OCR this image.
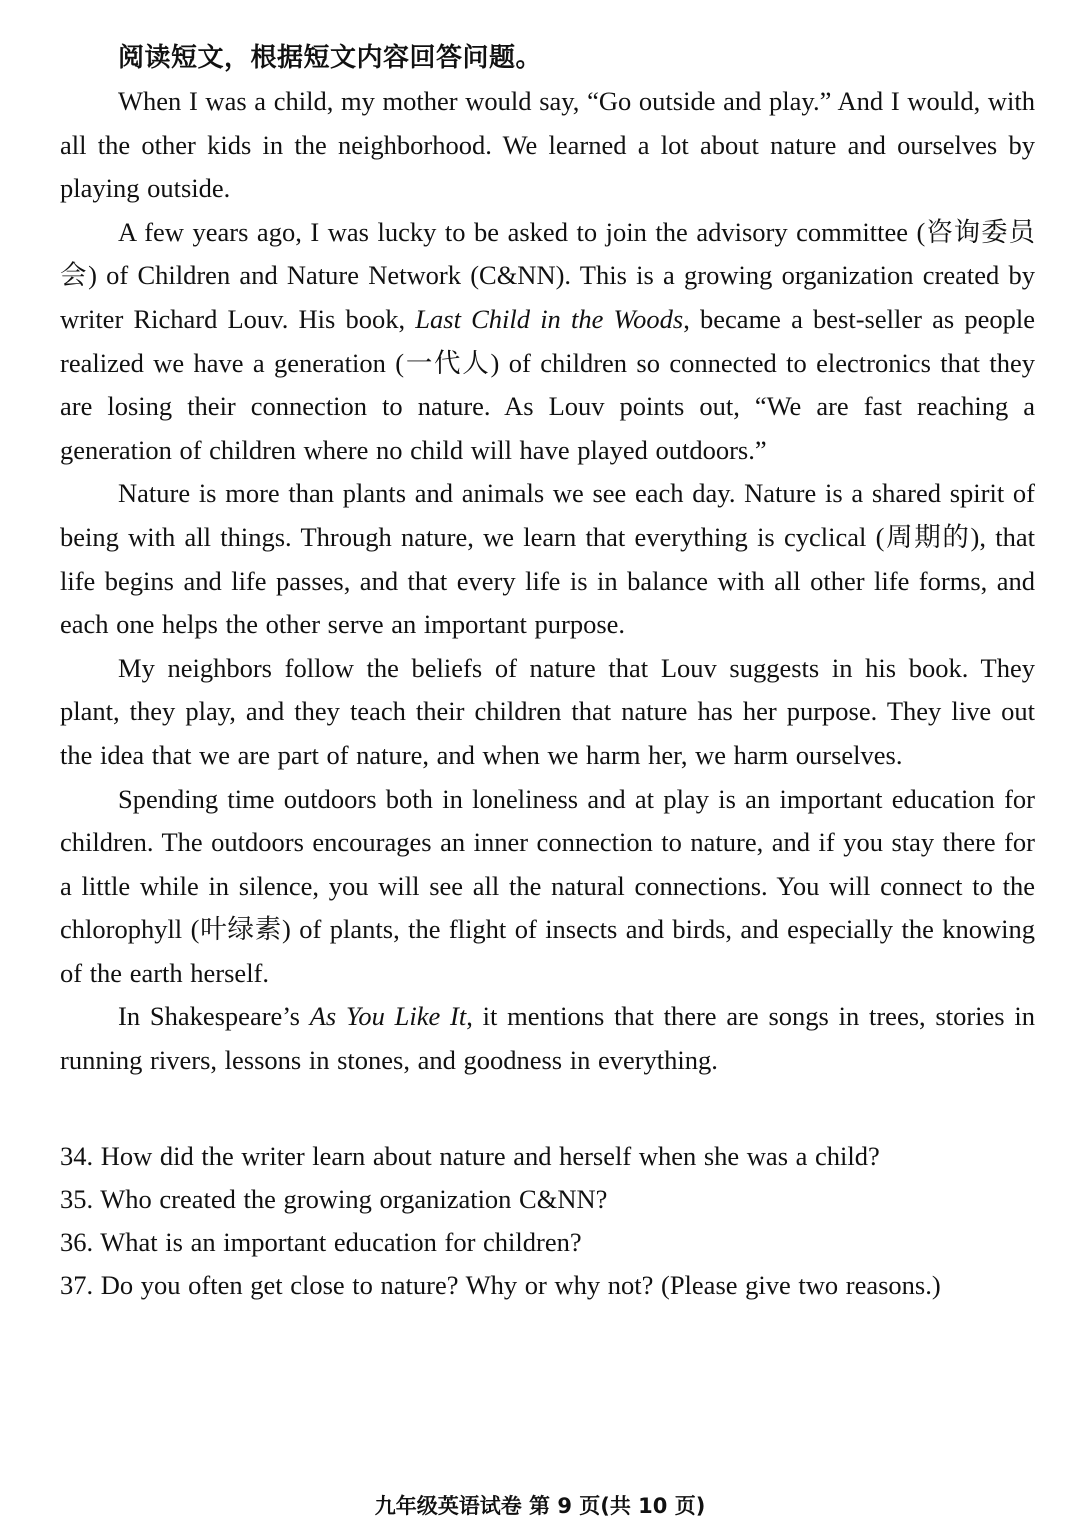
阅读短文，根据短文内容回答问题。

When I was a child, my mother would say, “Go outside and play.” And I would, with all the other kids in the neighborhood. We learned a lot about nature and ourselves by playing outside.

A few years ago, I was lucky to be asked to join the advisory committee (咨询委员会) of Children and Nature Network (C&NN). This is a growing organization created by writer Richard Louv. His book, Last Child in the Woods, became a best-seller as people realized we have a generation (一代人) of children so connected to electronics that they are losing their connection to nature. As Louv points out, “We are fast reaching a generation of children where no child will have played outdoors.”

Nature is more than plants and animals we see each day. Nature is a shared spirit of being with all things. Through nature, we learn that everything is cyclical (周期的), that life begins and life passes, and that every life is in balance with all other life forms, and each one helps the other serve an important purpose.

My neighbors follow the beliefs of nature that Louv suggests in his book. They plant, they play, and they teach their children that nature has her purpose. They live out the idea that we are part of nature, and when we harm her, we harm ourselves.

Spending time outdoors both in loneliness and at play is an important education for children. The outdoors encourages an inner connection to nature, and if you stay there for a little while in silence, you will see all the natural connections. You will connect to the chlorophyll (叶绿素) of plants, the flight of insects and birds, and especially the knowing of the earth herself.

In Shakespeare’s As You Like It, it mentions that there are songs in trees, stories in running rivers, lessons in stones, and goodness in everything.

34. How did the writer learn about nature and herself when she was a child?

35. Who created the growing organization C&NN?

36. What is an important education for children?

37. Do you often get close to nature? Why or why not? (Please give two reasons.)

九年级英语试卷 第 9 页(共 10 页)
